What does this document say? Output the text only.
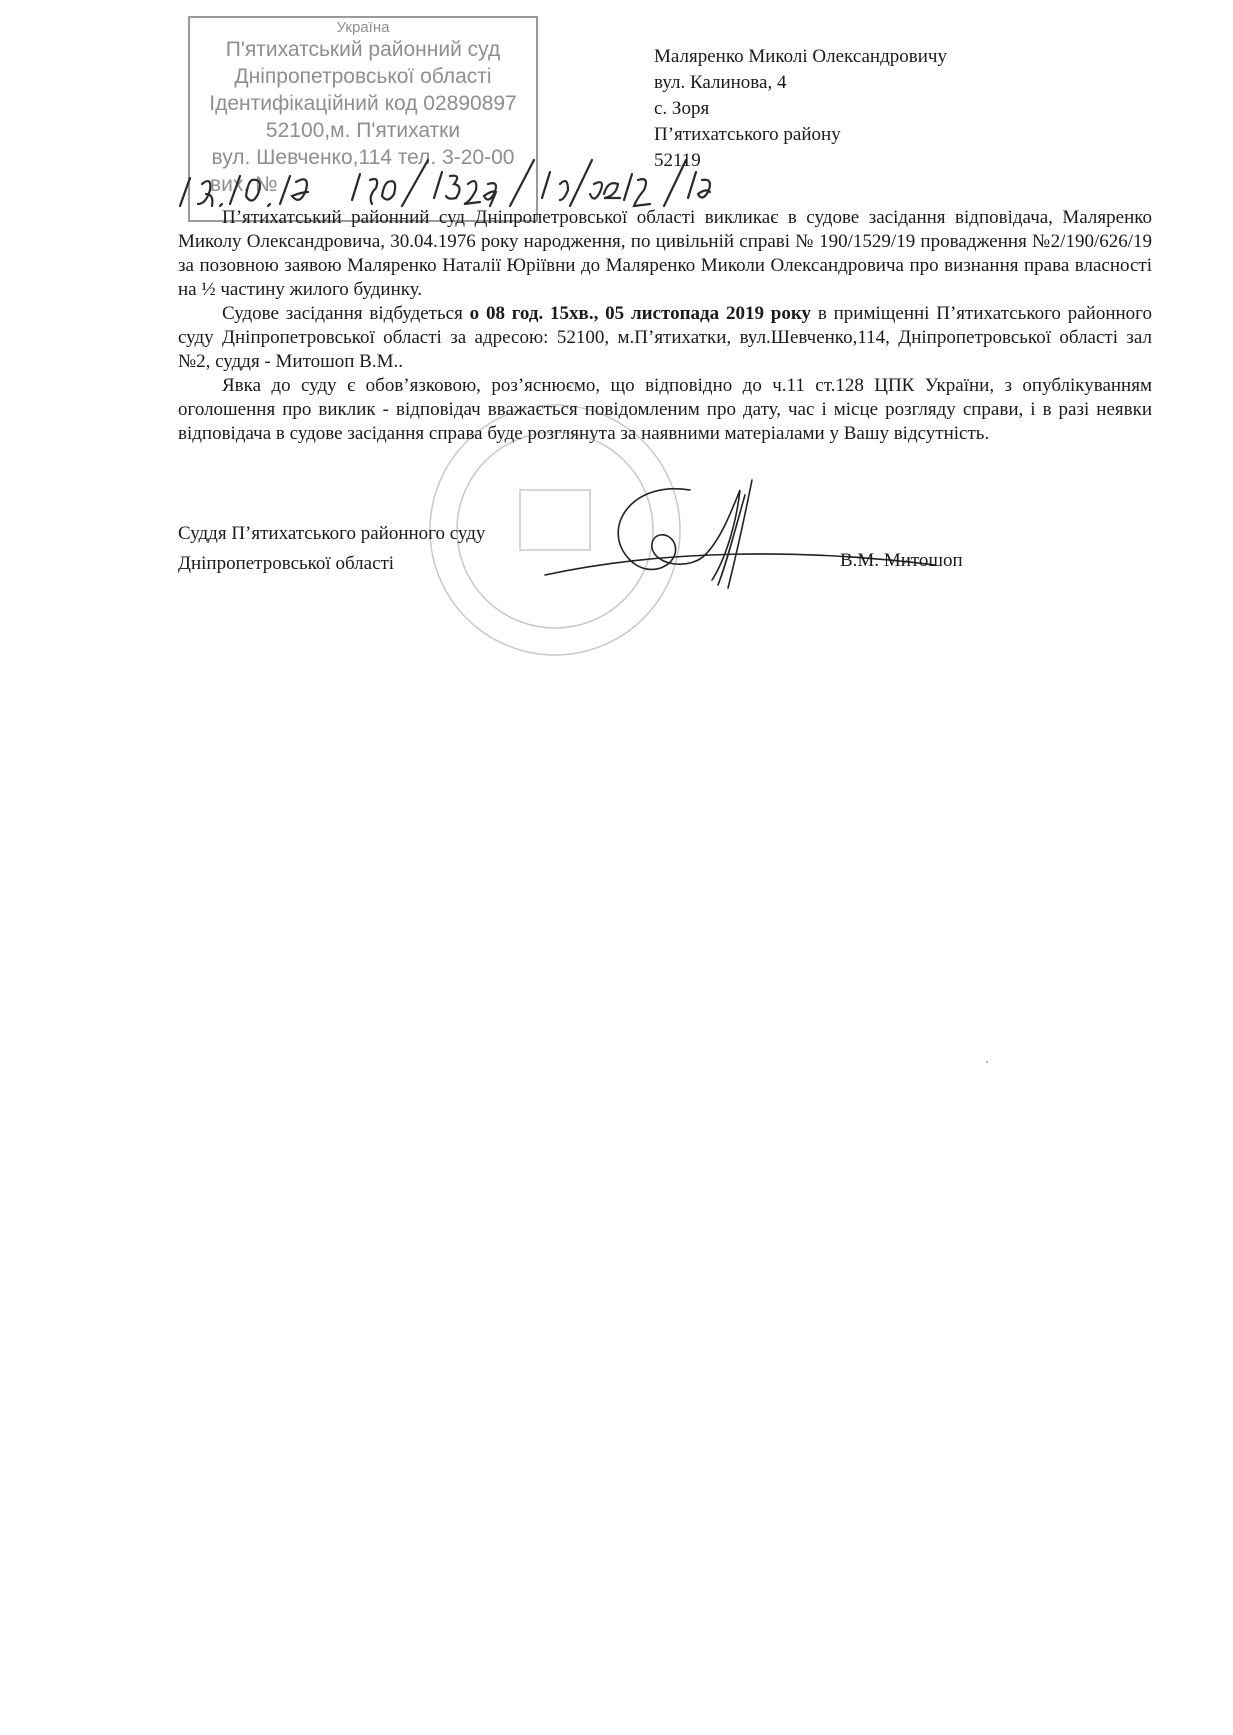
Україна
П'ятихатський районний суд
Дніпропетровської області
Ідентифікаційний код 02890897
52100,м. П'ятихатки
вул. Шевченко,114 тел. 3-20-00
вих. №
Маляренко Миколі Олександровичу
вул. Калинова, 4
с. Зоря
П’ятихатського району
52119

П’ятихатський районний суд Дніпропетровської області викликає в судове засідання відповідача, Маляренко Миколу Олександровича, 30.04.1976 року народження, по цивільній справі № 190/1529/19 провадження №2/190/626/19 за позовною заявою Маляренко Наталії Юріївни до Маляренко Миколи Олександровича про визнання права власності на ½ частину жилого будинку.

Судове засідання відбудеться о 08 год. 15хв., 05 листопада 2019 року в приміщенні П’ятихатського районного суду Дніпропетровської області за адресою: 52100, м.П’ятихатки, вул.Шевченко,114, Дніпропетровської області зал №2, суддя - Митошоп В.М..

Явка до суду є обов’язковою, роз’яснюємо, що відповідно до ч.11 ст.128 ЦПК України, з опублікуванням оголошення про виклик - відповідач вважається повідомленим про дату, час і місце розгляду справи, і в разі неявки відповідача в судове засідання справа буде розглянута за наявними матеріалами у Вашу відсутність.

Суддя П’ятихатського районного суду
Дніпропетровської області	В.М. Митошоп
